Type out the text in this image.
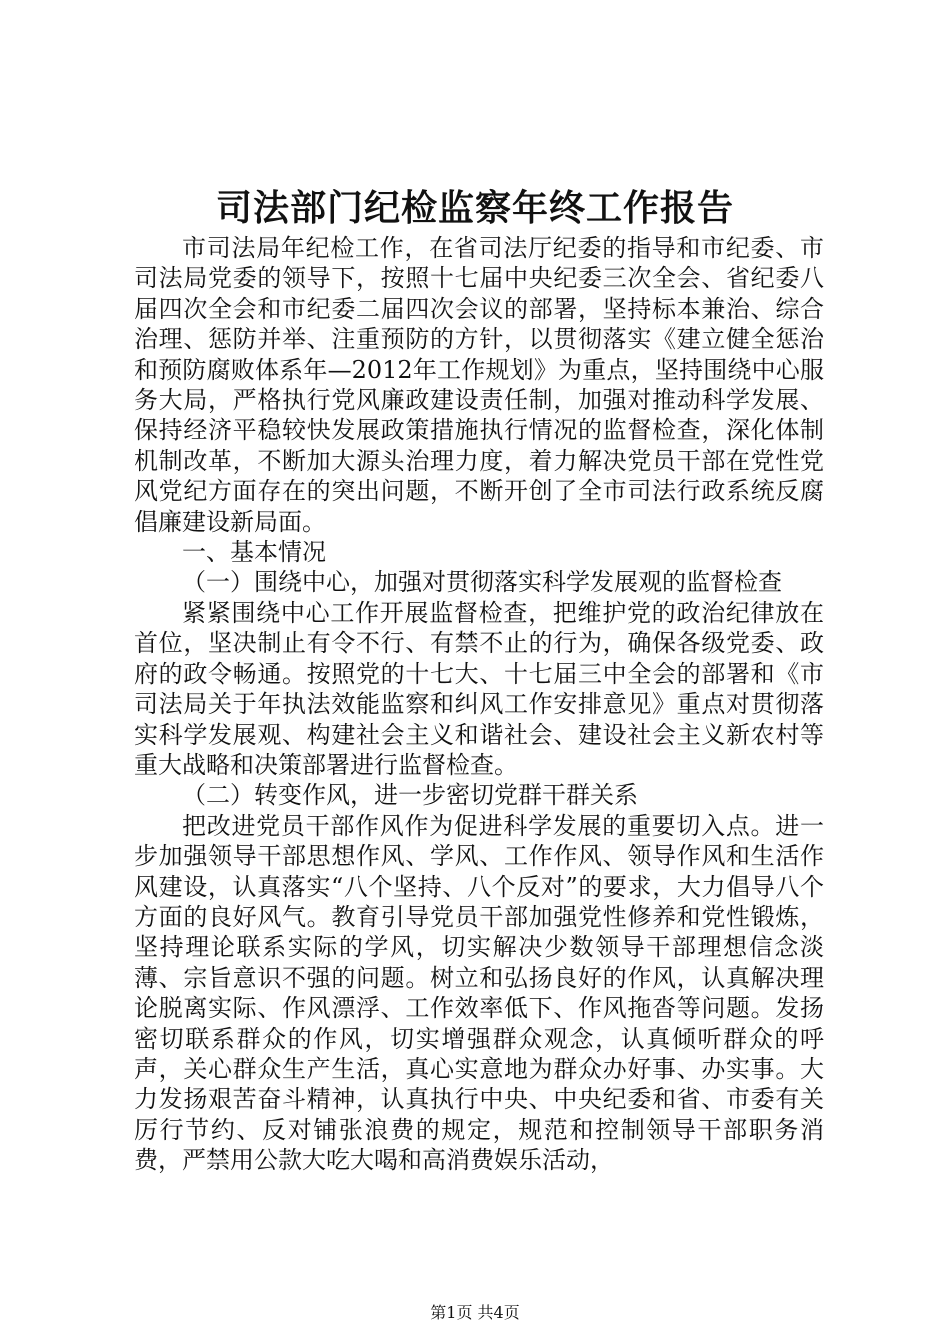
司法部门纪检监察年终工作报告

市司法局年纪检工作，在省司法厅纪委的指导和市纪委、市司法局党委的领导下，按照十七届中央纪委三次全会、省纪委八届四次全会和市纪委二届四次会议的部署，坚持标本兼治、综合治理、惩防并举、注重预防的方针，以贯彻落实《建立健全惩治和预防腐败体系年—2012年工作规划》为重点，坚持围绕中心服务大局，严格执行党风廉政建设责任制，加强对推动科学发展、保持经济平稳较快发展政策措施执行情况的监督检查，深化体制机制改革，不断加大源头治理力度，着力解决党员干部在党性党风党纪方面存在的突出问题，不断开创了全市司法行政系统反腐倡廉建设新局面。

一、基本情况

（一）围绕中心，加强对贯彻落实科学发展观的监督检查

紧紧围绕中心工作开展监督检查，把维护党的政治纪律放在首位，坚决制止有令不行、有禁不止的行为，确保各级党委、政府的政令畅通。按照党的十七大、十七届三中全会的部署和《市司法局关于年执法效能监察和纠风工作安排意见》重点对贯彻落实科学发展观、构建社会主义和谐社会、建设社会主义新农村等重大战略和决策部署进行监督检查。

（二）转变作风，进一步密切党群干群关系

把改进党员干部作风作为促进科学发展的重要切入点。进一步加强领导干部思想作风、学风、工作作风、领导作风和生活作风建设，认真落实“八个坚持、八个反对”的要求，大力倡导八个方面的良好风气。教育引导党员干部加强党性修养和党性锻炼，坚持理论联系实际的学风，切实解决少数领导干部理想信念淡薄、宗旨意识不强的问题。树立和弘扬良好的作风，认真解决理论脱离实际、作风漂浮、工作效率低下、作风拖沓等问题。发扬密切联系群众的作风，切实增强群众观念，认真倾听群众的呼声，关心群众生产生活，真心实意地为群众办好事、办实事。大力发扬艰苦奋斗精神，认真执行中央、中央纪委和省、市委有关厉行节约、反对铺张浪费的规定，规范和控制领导干部职务消费，严禁用公款大吃大喝和高消费娱乐活动，

第1页 共4页
